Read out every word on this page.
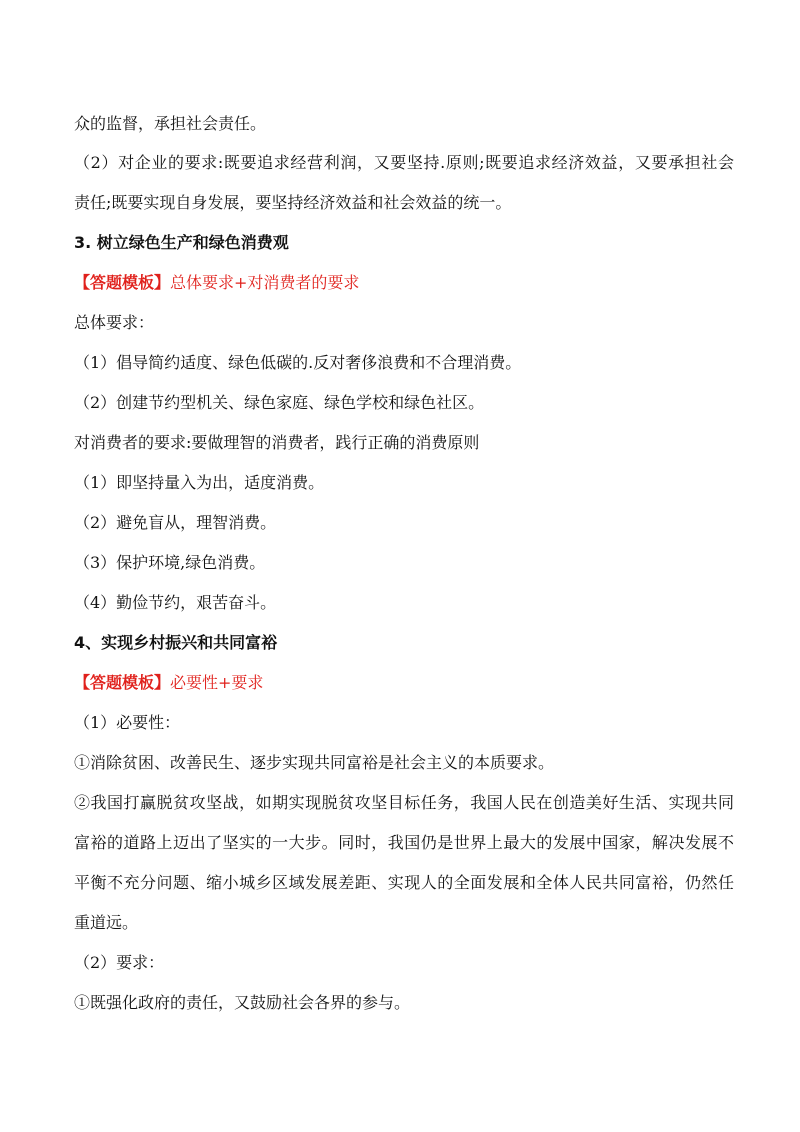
众的监督，承担社会责任。
（2）对企业的要求:既要追求经营利润，又要坚持.原则;既要追求经济效益，又要承担社会
责任;既要实现自身发展，要坚持经济效益和社会效益的统一。
3. 树立绿色生产和绿色消费观
【答题模板】总体要求+对消费者的要求
总体要求：
（1）倡导简约适度、绿色低碳的.反对奢侈浪费和不合理消费。
（2）创建节约型机关、绿色家庭、绿色学校和绿色社区。
对消费者的要求:要做理智的消费者，践行正确的消费原则
（1）即坚持量入为出，适度消费。
（2）避免盲从，理智消费。
（3）保护环境,绿色消费。
（4）勤俭节约，艰苦奋斗。
4、实现乡村振兴和共同富裕
【答题模板】必要性+要求
（1）必要性：
①消除贫困、改善民生、逐步实现共同富裕是社会主义的本质要求。
②我国打赢脱贫攻坚战，如期实现脱贫攻坚目标任务，我国人民在创造美好生活、实现共同
富裕的道路上迈出了坚实的一大步。同时，我国仍是世界上最大的发展中国家，解决发展不
平衡不充分问题、缩小城乡区域发展差距、实现人的全面发展和全体人民共同富裕，仍然任
重道远。
（2）要求：
①既强化政府的责任，又鼓励社会各界的参与。
